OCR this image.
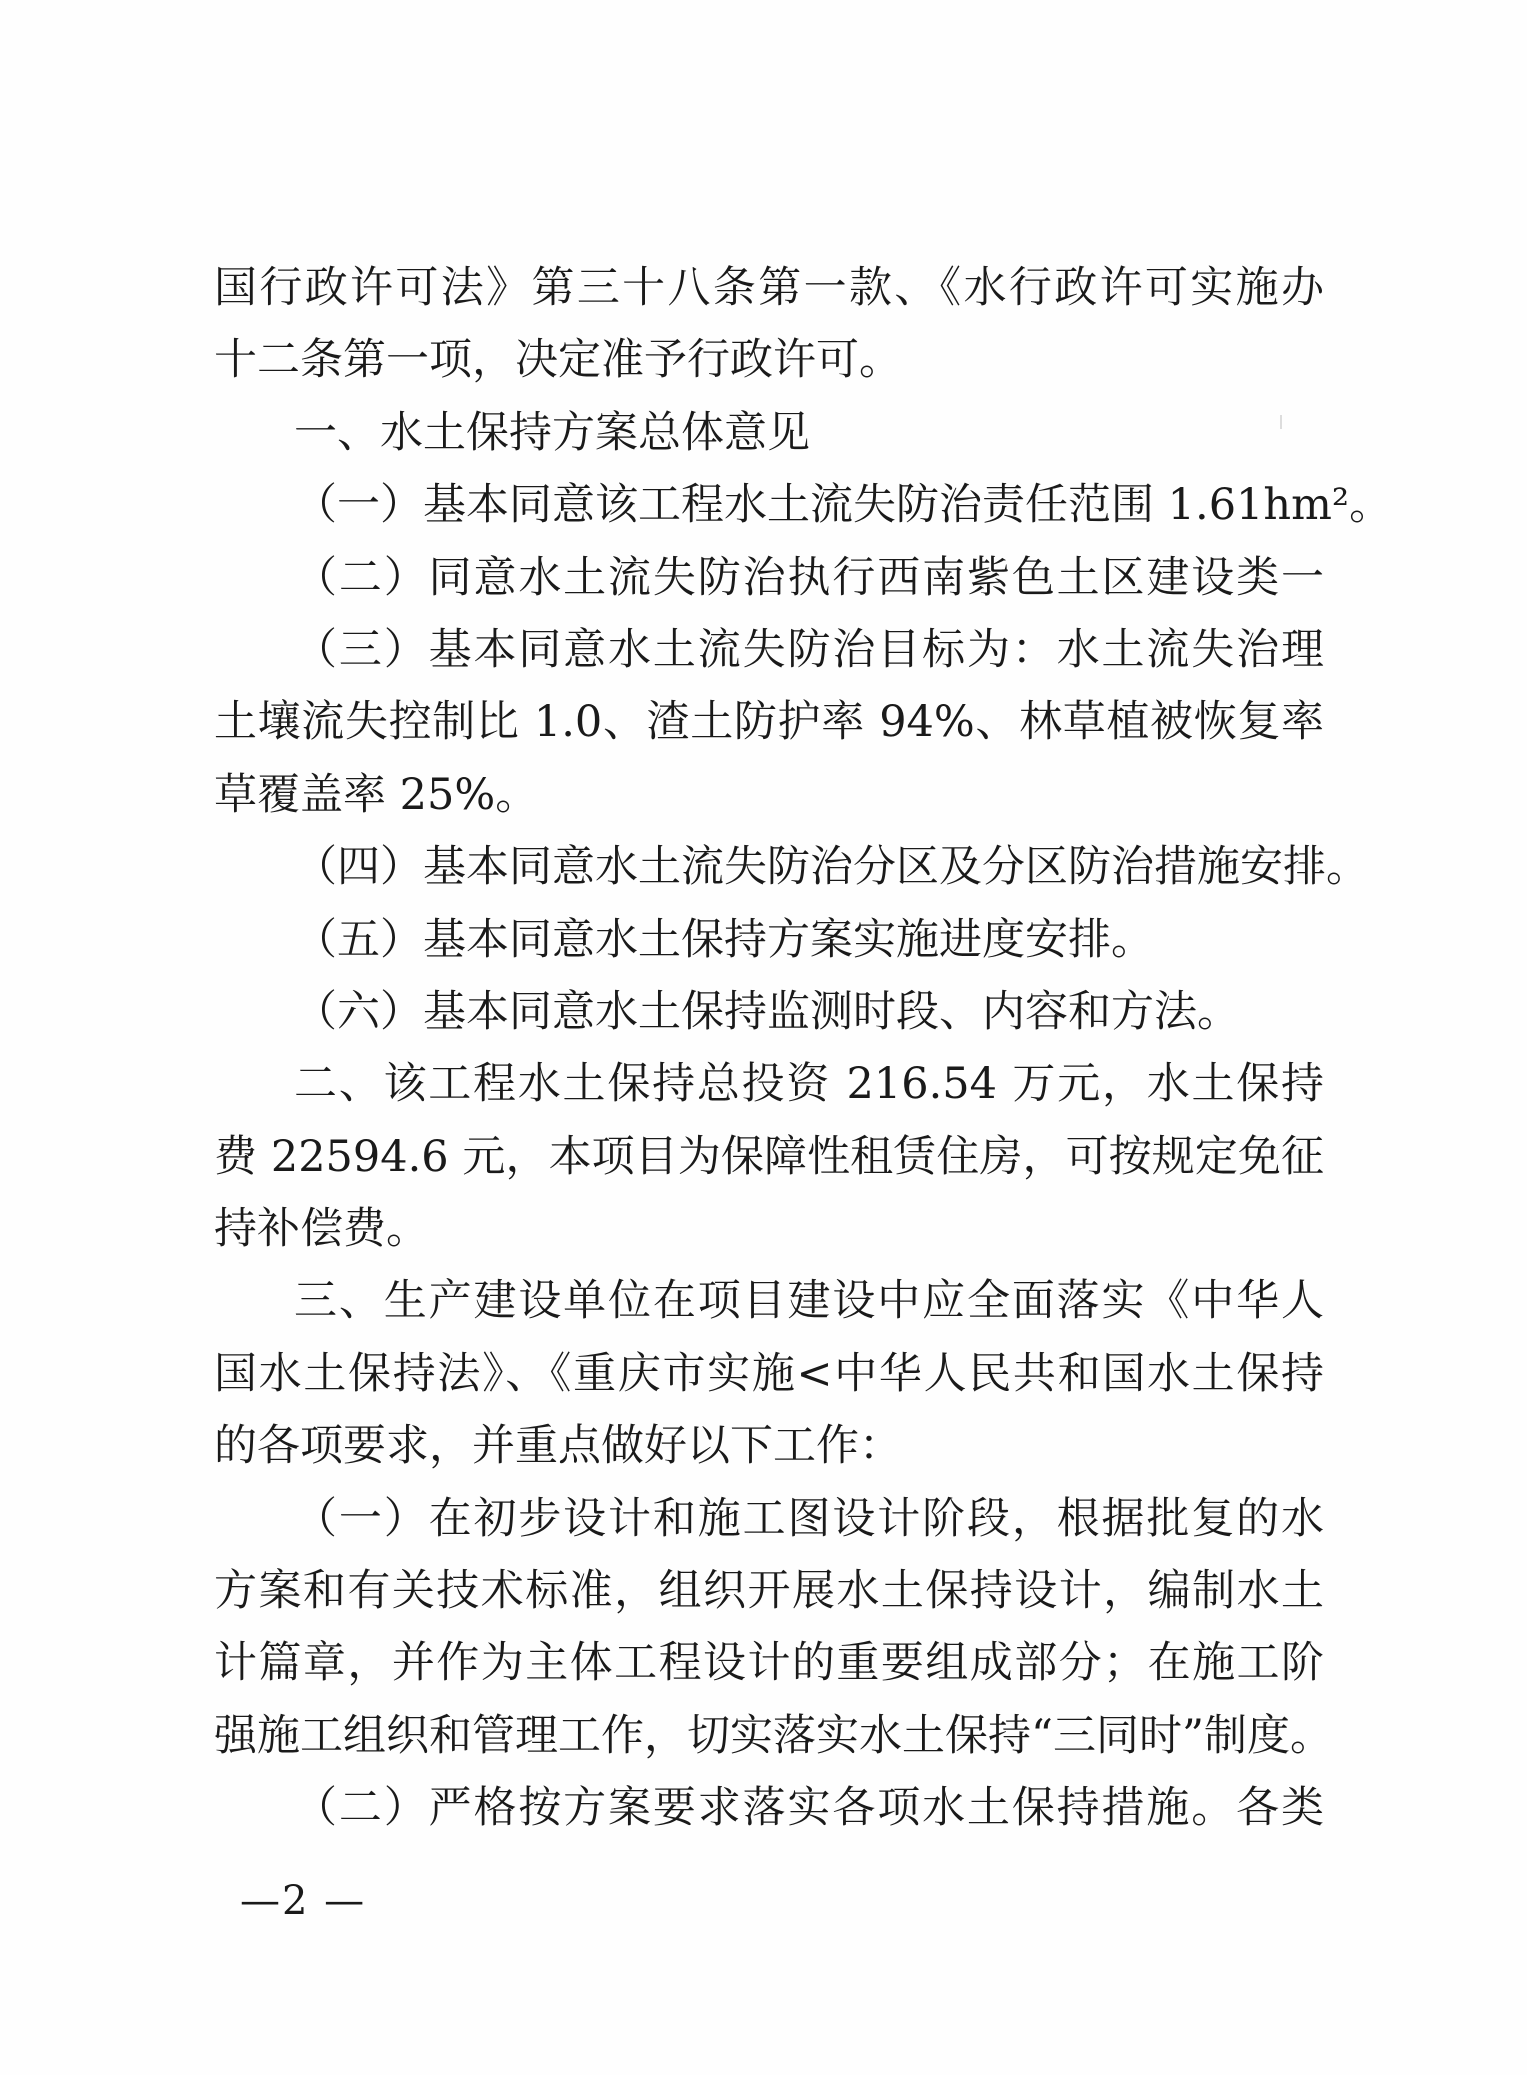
国行政许可法》第三十八条第一款、《水行政许可实施办
十二条第一项，决定准予行政许可。
一、水土保持方案总体意见
（一）基本同意该工程水土流失防治责任范围 1.61hm²。
（二）同意水土流失防治执行西南紫色土区建设类一
（三）基本同意水土流失防治目标为：水土流失治理
土壤流失控制比 1.0、渣土防护率 94%、林草植被恢复率
草覆盖率 25%。
（四）基本同意水土流失防治分区及分区防治措施安排。
（五）基本同意水土保持方案实施进度安排。
（六）基本同意水土保持监测时段、内容和方法。
二、该工程水土保持总投资 216.54 万元，水土保持
费 22594.6 元，本项目为保障性租赁住房，可按规定免征
持补偿费。
三、生产建设单位在项目建设中应全面落实《中华人
国水土保持法》、《重庆市实施<中华人民共和国水土保持
的各项要求，并重点做好以下工作：
（一）在初步设计和施工图设计阶段，根据批复的水
方案和有关技术标准，组织开展水土保持设计，编制水土
计篇章，并作为主体工程设计的重要组成部分；在施工阶
强施工组织和管理工作，切实落实水土保持“三同时”制度。
（二）严格按方案要求落实各项水土保持措施。各类
—2 —
